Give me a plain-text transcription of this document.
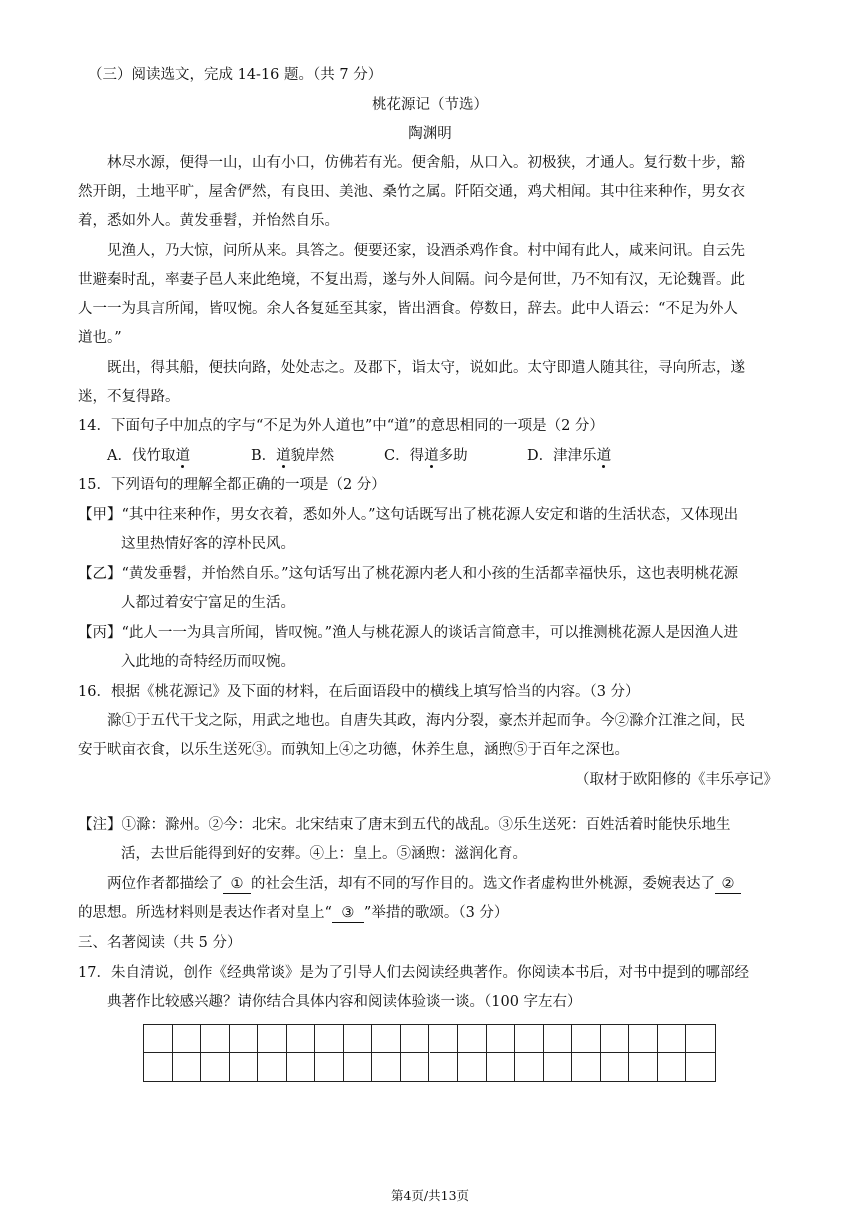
（三）阅读选文，完成 14-16 题。（共 7 分）
桃花源记（节选）
陶渊明
林尽水源，便得一山，山有小口，仿佛若有光。便舍船，从口入。初极狭，才通人。复行数十步，豁
然开朗，土地平旷，屋舍俨然，有良田、美池、桑竹之属。阡陌交通，鸡犬相闻。其中往来种作，男女衣
着，悉如外人。黄发垂髫，并怡然自乐。
见渔人，乃大惊，问所从来。具答之。便要还家，设酒杀鸡作食。村中闻有此人，咸来问讯。自云先
世避秦时乱，率妻子邑人来此绝境，不复出焉，遂与外人间隔。问今是何世，乃不知有汉，无论魏晋。此
人一一为具言所闻，皆叹惋。余人各复延至其家，皆出酒食。停数日，辞去。此中人语云：“不足为外人
道也。”
既出，得其船，便扶向路，处处志之。及郡下，诣太守，说如此。太守即遣人随其往，寻向所志，遂
迷，不复得路。
14．下面句子中加点的字与“不足为外人道也”中“道”的意思相同的一项是（2 分）
A．伐竹取道	B．道貌岸然	C．得道多助	D．津津乐道
15．下列语句的理解全都正确的一项是（2 分）
【甲】“其中往来种作，男女衣着，悉如外人。”这句话既写出了桃花源人安定和谐的生活状态，又体现出
这里热情好客的淳朴民风。
【乙】“黄发垂髫，并怡然自乐。”这句话写出了桃花源内老人和小孩的生活都幸福快乐，这也表明桃花源
人都过着安宁富足的生活。
【丙】“此人一一为具言所闻，皆叹惋。”渔人与桃花源人的谈话言简意丰，可以推测桃花源人是因渔人进
入此地的奇特经历而叹惋。
16．根据《桃花源记》及下面的材料，在后面语段中的横线上填写恰当的内容。（3 分）
滁①于五代干戈之际，用武之地也。自唐失其政，海内分裂，豪杰并起而争。今②滁介江淮之间，民
安于畎亩衣食，以乐生送死③。而孰知上④之功德，休养生息，涵煦⑤于百年之深也。
（取材于欧阳修的《丰乐亭记》
【注】①滁：滁州。②今：北宋。北宋结束了唐末到五代的战乱。③乐生送死：百姓活着时能快乐地生
活，去世后能得到好的安葬。④上：皇上。⑤涵煦：滋润化育。
两位作者都描绘了 ① 的社会生活，却有不同的写作目的。选文作者虚构世外桃源，委婉表达了 ②
的思想。所选材料则是表达作者对皇上“ ③ ”举措的歌颂。（3 分）
三、名著阅读（共 5 分）
17．朱自清说，创作《经典常谈》是为了引导人们去阅读经典著作。你阅读本书后，对书中提到的哪部经
典著作比较感兴趣？请你结合具体内容和阅读体验谈一谈。（100 字左右）
第4页/共13页
